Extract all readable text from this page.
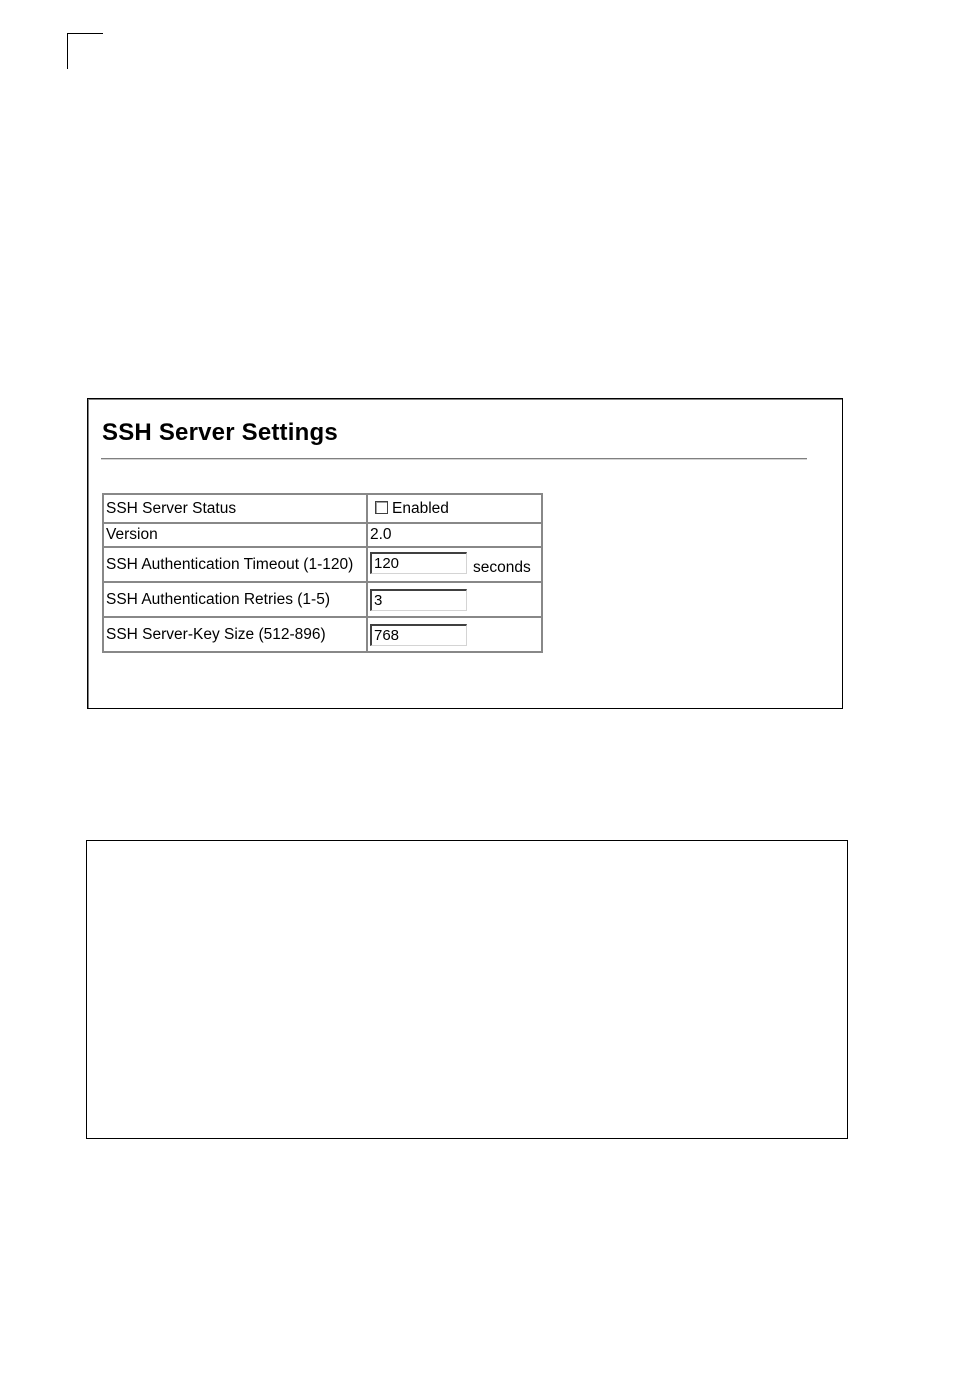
SSH Server Settings
SSH Server Status	Enabled
Version	2.0
SSH Authentication Timeout (1-120)	120 seconds
SSH Authentication Retries (1-5)	3
SSH Server-Key Size (512-896)	768
